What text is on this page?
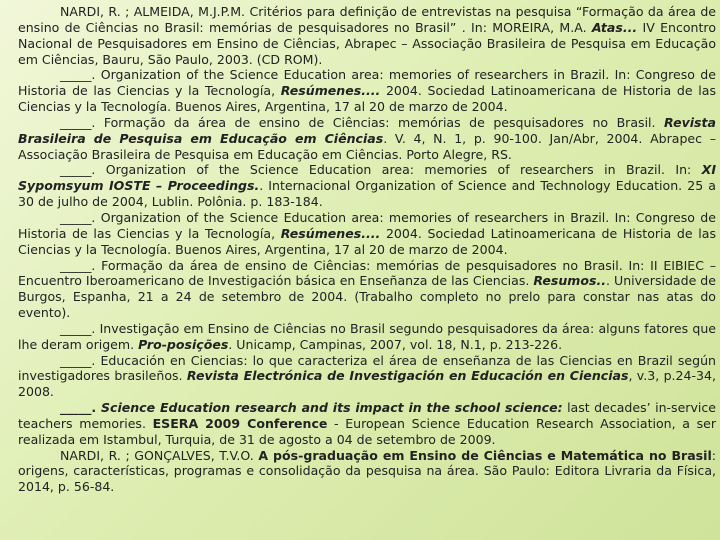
NARDI, R. ; ALMEIDA, M.J.P.M. Critérios para definição de entrevistas na pesquisa “Formação da área de ensino de Ciências no Brasil: memórias de pesquisadores no Brasil” . In: MOREIRA, M.A. Atas... IV Encontro Nacional de Pesquisadores em Ensino de Ciências, Abrapec – Associação Brasileira de Pesquisa em Educação em Ciências, Bauru, São Paulo, 2003. (CD ROM).

_____. Organization of the Science Education area: memories of researchers in Brazil. In: Congreso de Historia de las Ciencias y la Tecnología, Resúmenes.... 2004. Sociedad Latinoamericana de Historia de las Ciencias y la Tecnología. Buenos Aires, Argentina, 17 al 20 de marzo de 2004.

_____. Formação da área de ensino de Ciências: memórias de pesquisadores no Brasil. Revista Brasileira de Pesquisa em Educação em Ciências. V. 4, N. 1, p. 90-100. Jan/Abr, 2004. Abrapec – Associação Brasileira de Pesquisa em Educação em Ciências. Porto Alegre, RS.

_____. Organization of the Science Education area: memories of researchers in Brazil. In: XI Sypomsyum IOSTE – Proceedings.. Internacional Organization of Science and Technology Education. 25 a 30 de julho de 2004, Lublin. Polônia. p. 183-184.

_____. Organization of the Science Education area: memories of researchers in Brazil. In: Congreso de Historia de las Ciencias y la Tecnología, Resúmenes.... 2004. Sociedad Latinoamericana de Historia de las Ciencias y la Tecnología. Buenos Aires, Argentina, 17 al 20 de marzo de 2004.

_____. Formação da área de ensino de Ciências: memórias de pesquisadores no Brasil. In: II EIBIEC – Encuentro Iberoamericano de Investigación básica en Enseñanza de las Ciencias. Resumos... Universidade de Burgos, Espanha, 21 a 24 de setembro de 2004. (Trabalho completo no prelo para constar nas atas do evento).

_____. Investigação em Ensino de Ciências no Brasil segundo pesquisadores da área: alguns fatores que lhe deram origem. Pro-posições. Unicamp, Campinas, 2007, vol. 18, N.1, p. 213-226.

_____. Educación en Ciencias: lo que caracteriza el área de enseñanza de las Ciencias en Brazil según investigadores brasileños. Revista Electrónica de Investigación en Educación en Ciencias, v.3, p.24-34, 2008.

_____. Science Education research and its impact in the school science: last decades’ in-service teachers memories. ESERA 2009 Conference - European Science Education Research Association, a ser realizada em Istambul, Turquia, de 31 de agosto a 04 de setembro de 2009.

NARDI, R. ; GONÇALVES, T.V.O. A pós-graduação em Ensino de Ciências e Matemática no Brasil: origens, características, programas e consolidação da pesquisa na área. São Paulo: Editora Livraria da Física, 2014, p. 56-84.
